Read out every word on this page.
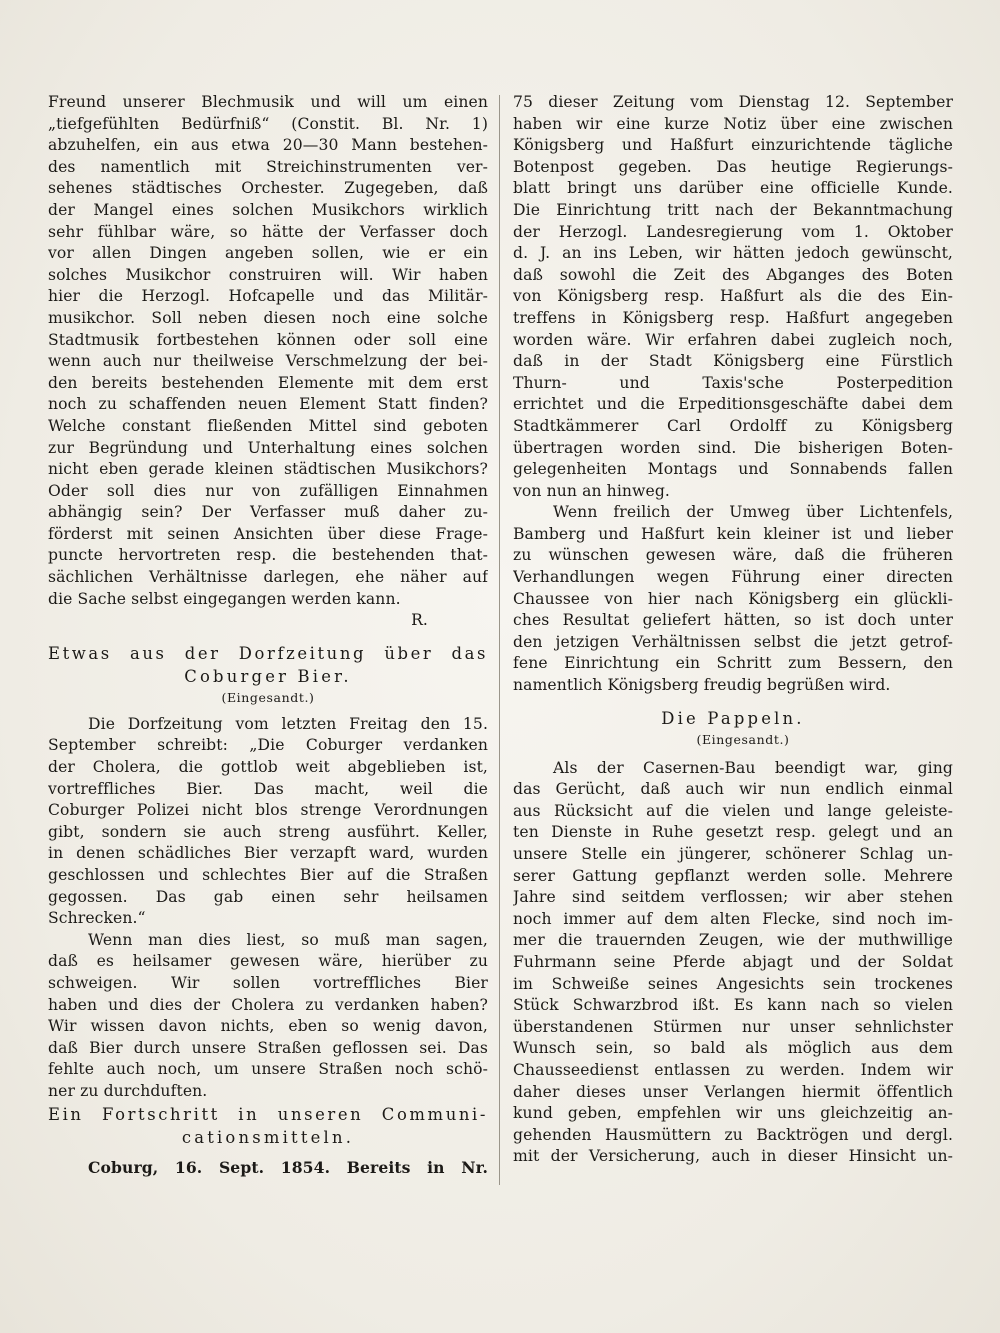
Freund unserer Blechmusik und will um einen
„tiefgefühlten Bedürfniß“ (Constit. Bl. Nr. 1)
abzuhelfen, ein aus etwa 20—30 Mann bestehen-
des namentlich mit Streichinstrumenten ver-
sehenes städtisches Orchester. Zugegeben, daß
der Mangel eines solchen Musikchors wirklich
sehr fühlbar wäre, so hätte der Verfasser doch
vor allen Dingen angeben sollen, wie er ein
solches Musikchor construiren will. Wir haben
hier die Herzogl. Hofcapelle und das Militär-
musikchor. Soll neben diesen noch eine solche
Stadtmusik fortbestehen können oder soll eine
wenn auch nur theilweise Verschmelzung der bei-
den bereits bestehenden Elemente mit dem erst
noch zu schaffenden neuen Element Statt finden?
Welche constant fließenden Mittel sind geboten
zur Begründung und Unterhaltung eines solchen
nicht eben gerade kleinen städtischen Musikchors?
Oder soll dies nur von zufälligen Einnahmen
abhängig sein? Der Verfasser muß daher zu-
förderst mit seinen Ansichten über diese Frage-
puncte hervortreten resp. die bestehenden that-
sächlichen Verhältnisse darlegen, ehe näher auf
die Sache selbst eingegangen werden kann.
R.
Etwas aus der Dorfzeitung über das
Coburger Bier.
(Eingesandt.)
Die Dorfzeitung vom letzten Freitag den 15.
September schreibt: „Die Coburger verdanken
der Cholera, die gottlob weit abgeblieben ist,
vortreffliches Bier. Das macht, weil die
Coburger Polizei nicht blos strenge Verordnungen
gibt, sondern sie auch streng ausführt. Keller,
in denen schädliches Bier verzapft ward, wurden
geschlossen und schlechtes Bier auf die Straßen
gegossen. Das gab einen sehr heilsamen
Schrecken.“
Wenn man dies liest, so muß man sagen,
daß es heilsamer gewesen wäre, hierüber zu
schweigen. Wir sollen vortreffliches Bier
haben und dies der Cholera zu verdanken haben?
Wir wissen davon nichts, eben so wenig davon,
daß Bier durch unsere Straßen geflossen sei. Das
fehlte auch noch, um unsere Straßen noch schö-
ner zu durchduften.
Ein Fortschritt in unseren Communi-
cationsmitteln.
Coburg, 16. Sept. 1854. Bereits in Nr.
75 dieser Zeitung vom Dienstag 12. September
haben wir eine kurze Notiz über eine zwischen
Königsberg und Haßfurt einzurichtende tägliche
Botenpost gegeben. Das heutige Regierungs-
blatt bringt uns darüber eine officielle Kunde.
Die Einrichtung tritt nach der Bekanntmachung
der Herzogl. Landesregierung vom 1. Oktober
d. J. an ins Leben, wir hätten jedoch gewünscht,
daß sowohl die Zeit des Abganges des Boten
von Königsberg resp. Haßfurt als die des Ein-
treffens in Königsberg resp. Haßfurt angegeben
worden wäre. Wir erfahren dabei zugleich noch,
daß in der Stadt Königsberg eine Fürstlich
Thurn- und Taxis'sche Posterpedition
errichtet und die Erpeditionsgeschäfte dabei dem
Stadtkämmerer Carl Ordolff zu Königsberg
übertragen worden sind. Die bisherigen Boten-
gelegenheiten Montags und Sonnabends fallen
von nun an hinweg.
Wenn freilich der Umweg über Lichtenfels,
Bamberg und Haßfurt kein kleiner ist und lieber
zu wünschen gewesen wäre, daß die früheren
Verhandlungen wegen Führung einer directen
Chaussee von hier nach Königsberg ein glückli-
ches Resultat geliefert hätten, so ist doch unter
den jetzigen Verhältnissen selbst die jetzt getrof-
fene Einrichtung ein Schritt zum Bessern, den
namentlich Königsberg freudig begrüßen wird.
Die Pappeln.
(Eingesandt.)
Als der Casernen-Bau beendigt war, ging
das Gerücht, daß auch wir nun endlich einmal
aus Rücksicht auf die vielen und lange geleiste-
ten Dienste in Ruhe gesetzt resp. gelegt und an
unsere Stelle ein jüngerer, schönerer Schlag un-
serer Gattung gepflanzt werden solle. Mehrere
Jahre sind seitdem verflossen; wir aber stehen
noch immer auf dem alten Flecke, sind noch im-
mer die trauernden Zeugen, wie der muthwillige
Fuhrmann seine Pferde abjagt und der Soldat
im Schweiße seines Angesichts sein trockenes
Stück Schwarzbrod ißt. Es kann nach so vielen
überstandenen Stürmen nur unser sehnlichster
Wunsch sein, so bald als möglich aus dem
Chausseedienst entlassen zu werden. Indem wir
daher dieses unser Verlangen hiermit öffentlich
kund geben, empfehlen wir uns gleichzeitig an-
gehenden Hausmüttern zu Backtrögen und dergl.
mit der Versicherung, auch in dieser Hinsicht un-
